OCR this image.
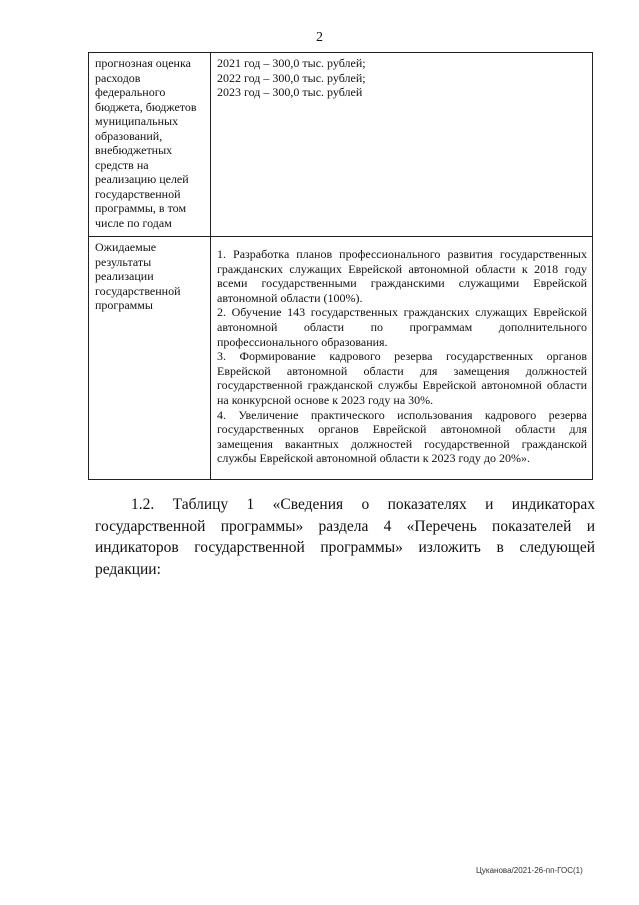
2
прогнозная оценка расходов федерального бюджета, бюджетов муниципальных образований, внебюджетных средств на реализацию целей государственной программы, в том числе по годам	2021 год – 300,0 тыс. рублей;
2022 год – 300,0 тыс. рублей;
2023 год – 300,0 тыс. рублей

Ожидаемые результаты реализации государственной программы	1. Разработка планов профессионального развития государственных гражданских служащих Еврейской автономной области к 2018 году всеми государственными гражданскими служащими Еврейской автономной области (100%).
2. Обучение 143 государственных гражданских служащих Еврейской автономной области по программам дополнительного профессионального образования.
3. Формирование кадрового резерва государственных органов Еврейской автономной области для замещения должностей государственной гражданской службы Еврейской автономной области на конкурсной основе к 2023 году на 30%.
4. Увеличение практического использования кадрового резерва государственных органов Еврейской автономной области для замещения вакантных должностей государственной гражданской службы Еврейской автономной области к 2023 году до 20%».

1.2. Таблицу 1 «Сведения о показателях и индикаторах государственной программы» раздела 4 «Перечень показателей и индикаторов государственной программы» изложить в следующей редакции:

Цуканова/2021-26-пп-ГОС(1)
